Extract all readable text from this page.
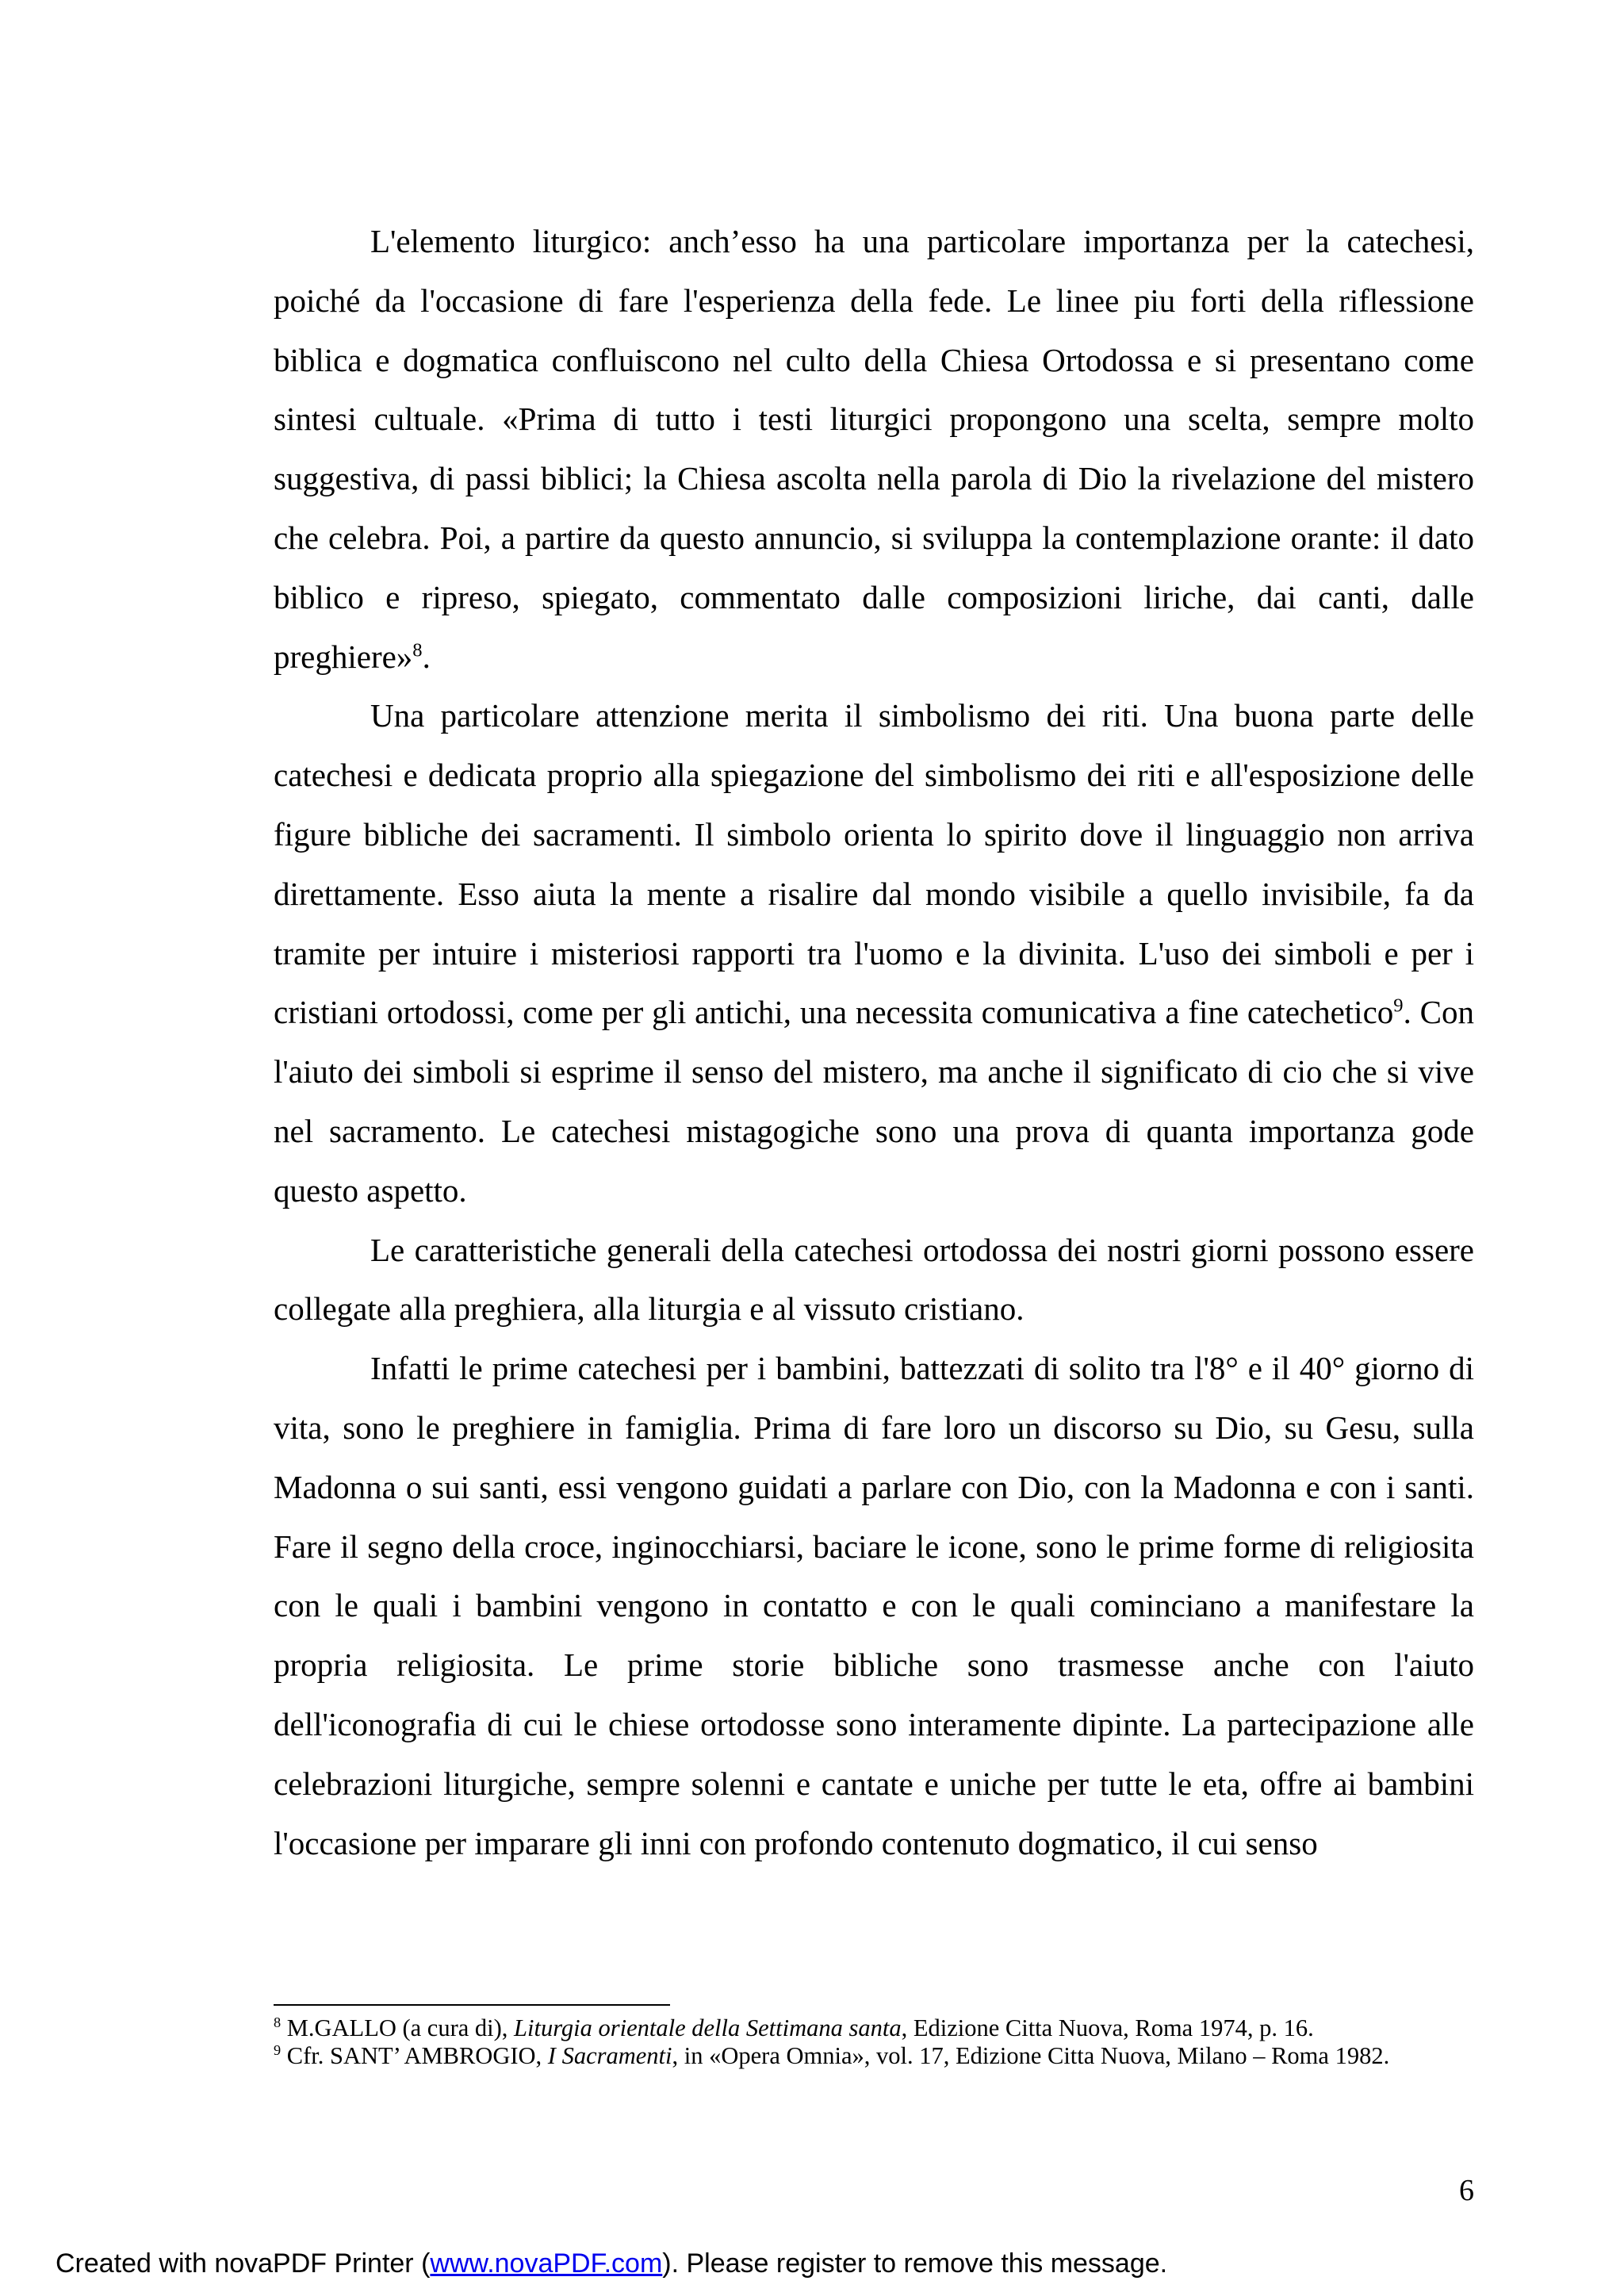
L'elemento liturgico: anch’esso ha una particolare importanza per la catechesi, poiché da l'occasione di fare l'esperienza della fede. Le linee piu forti della riflessione biblica e dogmatica confluiscono nel culto della Chiesa Ortodossa e si presentano come sintesi cultuale. «Prima di tutto i testi liturgici propongono una scelta, sempre molto suggestiva, di passi biblici; la Chiesa ascolta nella parola di Dio la rivelazione del mistero che celebra. Poi, a partire da questo annuncio, si sviluppa la contemplazione orante: il dato biblico e ripreso, spiegato, commentato dalle composizioni liriche, dai canti, dalle preghiere»$^8$.

Una particolare attenzione merita il simbolismo dei riti. Una buona parte delle catechesi e dedicata proprio alla spiegazione del simbolismo dei riti e all'esposizione delle figure bibliche dei sacramenti. Il simbolo orienta lo spirito dove il linguaggio non arriva direttamente. Esso aiuta la mente a risalire dal mondo visibile a quello invisibile, fa da tramite per intuire i misteriosi rapporti tra l'uomo e la divinita. L'uso dei simboli e per i cristiani ortodossi, come per gli antichi, una necessita comunicativa a fine catechetico$^9$. Con l'aiuto dei simboli si esprime il senso del mistero, ma anche il significato di cio che si vive nel sacramento. Le catechesi mistagogiche sono una prova di quanta importanza gode questo aspetto.

Le caratteristiche generali della catechesi ortodossa dei nostri giorni possono essere collegate alla preghiera, alla liturgia e al vissuto cristiano.

Infatti le prime catechesi per i bambini, battezzati di solito tra l'8° e il 40° giorno di vita, sono le preghiere in famiglia. Prima di fare loro un discorso su Dio, su Gesu, sulla Madonna o sui santi, essi vengono guidati a parlare con Dio, con la Madonna e con i santi. Fare il segno della croce, inginocchiarsi, baciare le icone, sono le prime forme di religiosita con le quali i bambini vengono in contatto e con le quali cominciano a manifestare la propria religiosita. Le prime storie bibliche sono trasmesse anche con l'aiuto dell'iconografia di cui le chiese ortodosse sono interamente dipinte. La partecipazione alle celebrazioni liturgiche, sempre solenni e cantate e uniche per tutte le eta, offre ai bambini l'occasione per imparare gli inni con profondo contenuto dogmatico, il cui senso

$^8$ M.GALLO (a cura di), Liturgia orientale della Settimana santa, Edizione Citta Nuova, Roma 1974, p. 16.

$^9$ Cfr. SANT’ AMBROGIO, I Sacramenti, in «Opera Omnia», vol. 17, Edizione Citta Nuova, Milano – Roma 1982.

6
Created with novaPDF Printer (www.novaPDF.com). Please register to remove this message.
